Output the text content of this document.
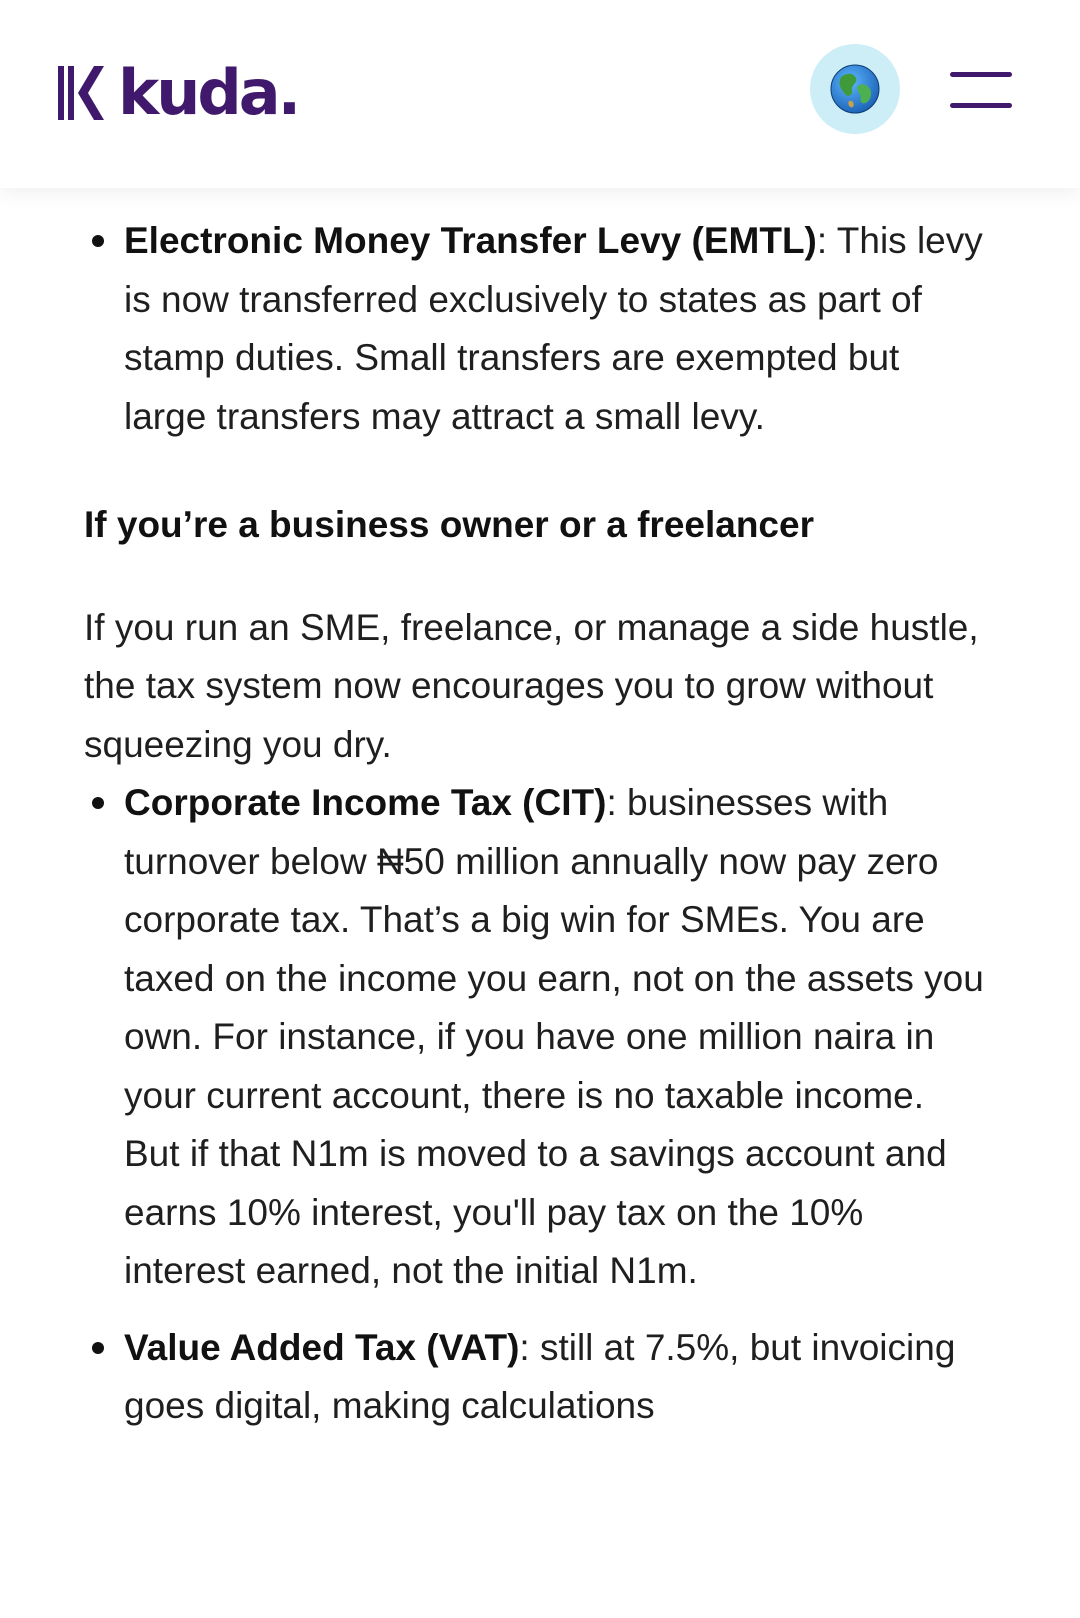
kuda.
Electronic Money Transfer Levy (EMTL): This levy is now transferred exclusively to states as part of stamp duties. Small transfers are exempted but large transfers may attract a small levy.
If you’re a business owner or a freelancer

If you run an SME, freelance, or manage a side hustle, the tax system now encourages you to grow without squeezing you dry.

Corporate Income Tax (CIT): businesses with turnover below ₦50 million annually now pay zero corporate tax. That’s a big win for SMEs. You are taxed on the income you earn, not on the assets you own. For instance, if you have one million naira in your current account, there is no taxable income. But if that N1m is moved to a savings account and earns 10% interest, you'll pay tax on the 10% interest earned, not the initial N1m.
Value Added Tax (VAT): still at 7.5%, but invoicing goes digital, making calculations
